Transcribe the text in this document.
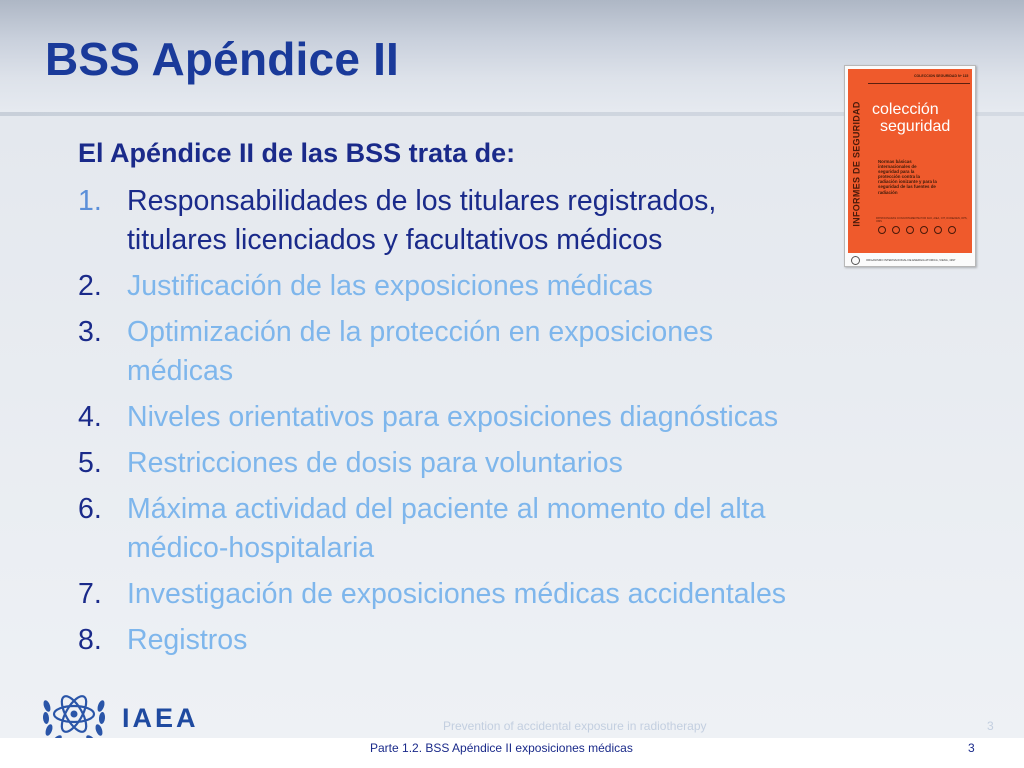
BSS Apéndice II
El Apéndice II de las BSS trata de:
1. Responsabilidades de los titulares registrados,
titulares licenciados y facultativos médicos
2. Justificación de las exposiciones médicas
3. Optimización de la protección en exposiciones
médicas
4. Niveles orientativos para exposiciones diagnósticas
5. Restricciones de dosis para voluntarios
6. Máxima actividad del paciente al momento del alta
médico-hospitalaria
7. Investigación de exposiciones médicas accidentales
8. Registros
INFORMES DE SEGURIDAD
COLECCION SEGURIDAD Nº 115
colección
seguridad
Normas básicas internacionales de seguridad para la protección contra la radiación ionizante y para la seguridad de las fuentes de radiación
PATROCINADAS CONJUNTAMENTE POR FAO, AIEA, OIT, OCDE/AEN, OPS, OMS
ORGANISMO INTERNACIONAL DE ENERGIA ATOMICA, VIENA, 1997
IAEA	Prevention of accidental exposure in radiotherapy	3
Parte 1.2. BSS Apéndice II exposiciones médicas	3
